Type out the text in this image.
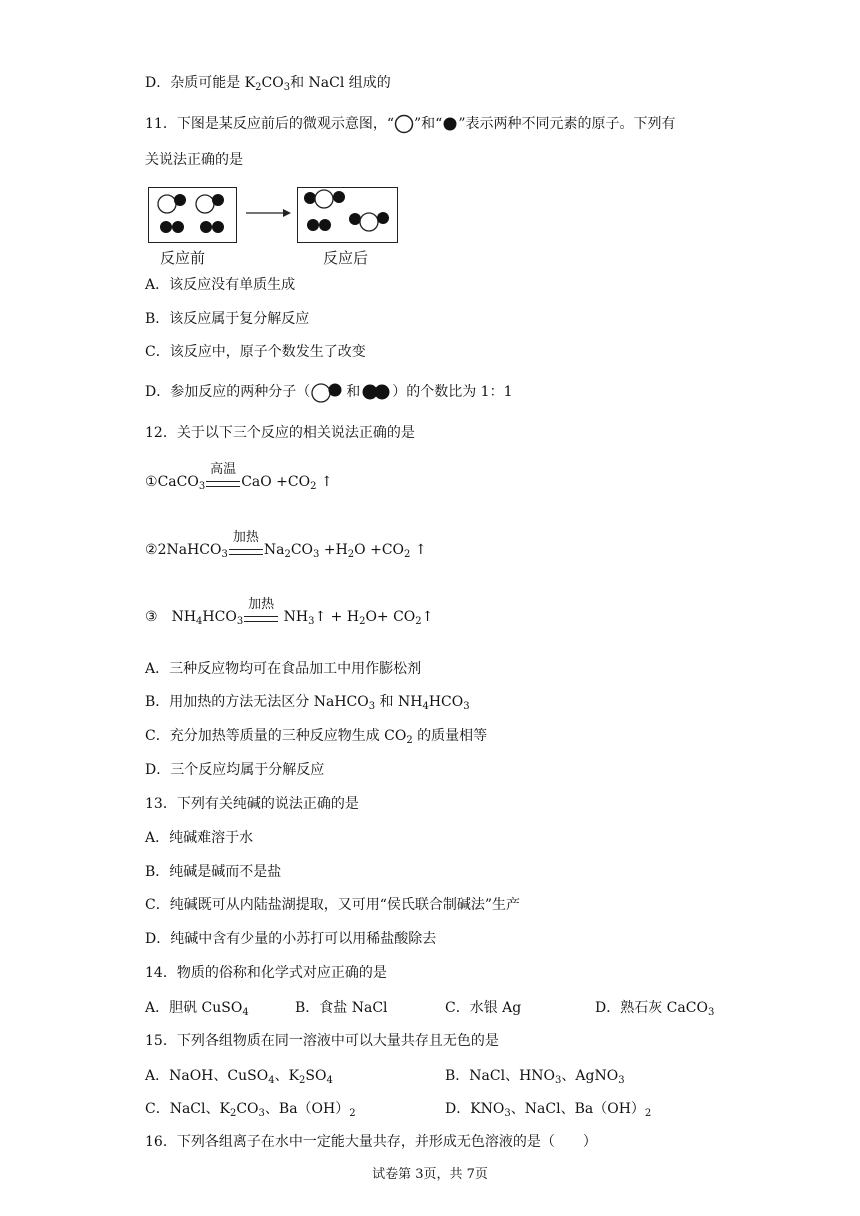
D．杂质可能是 $K_2CO_3$和 NaCl 组成的
11．下图是某反应前后的微观示意图，“ ”和“ ”表示两种不同元素的原子。下列有
关说法正确的是
反应前	反应后
A．该反应没有单质生成
B．该反应属于复分解反应
C．该反应中，原子个数发生了改变
D．参加反应的两种分子（	和 ）的个数比为 1：1
12．关于以下三个反应的相关说法正确的是
①CaCO$_3$
高温
CaO $+CO_2$ ↑
②2NaHCO$_3$
加热
$Na_2CO_3 +H_2O +CO_2$ ↑
③ $NH_4HCO_3$
加热
$NH_3↑ + H_2O+$ $CO_2↑$
A．三种反应物均可在食品加工中用作膨松剂
B．用加热的方法无法区分 NaHCO$_3$ 和 $NH_4HCO_3$
C．充分加热等质量的三种反应物生成 $CO_2$ 的质量相等
D．三个反应均属于分解反应
13．下列有关纯碱的说法正确的是
A．纯碱难溶于水
B．纯碱是碱而不是盐
C．纯碱既可从内陆盐湖提取，又可用“侯氏联合制碱法”生产
D．纯碱中含有少量的小苏打可以用稀盐酸除去
14．物质的俗称和化学式对应正确的是
A．胆矾 CuSO$_4$	B．食盐 NaCl	C．水银 Ag	D．熟石灰 CaCO$_3$
15．下列各组物质在同一溶液中可以大量共存且无色的是
A．NaOH、CuSO$_4$、$K_2SO_4$	B．NaCl、$HNO_3$、AgNO$_3$
C．NaCl、$K_2CO_3$、$Ba(OH)_2$	D．$KNO_3$、NaCl、$Ba(OH)_2$
16．下列各组离子在水中一定能大量共存，并形成无色溶液的是（　　）
试卷第 3页，共 7页
